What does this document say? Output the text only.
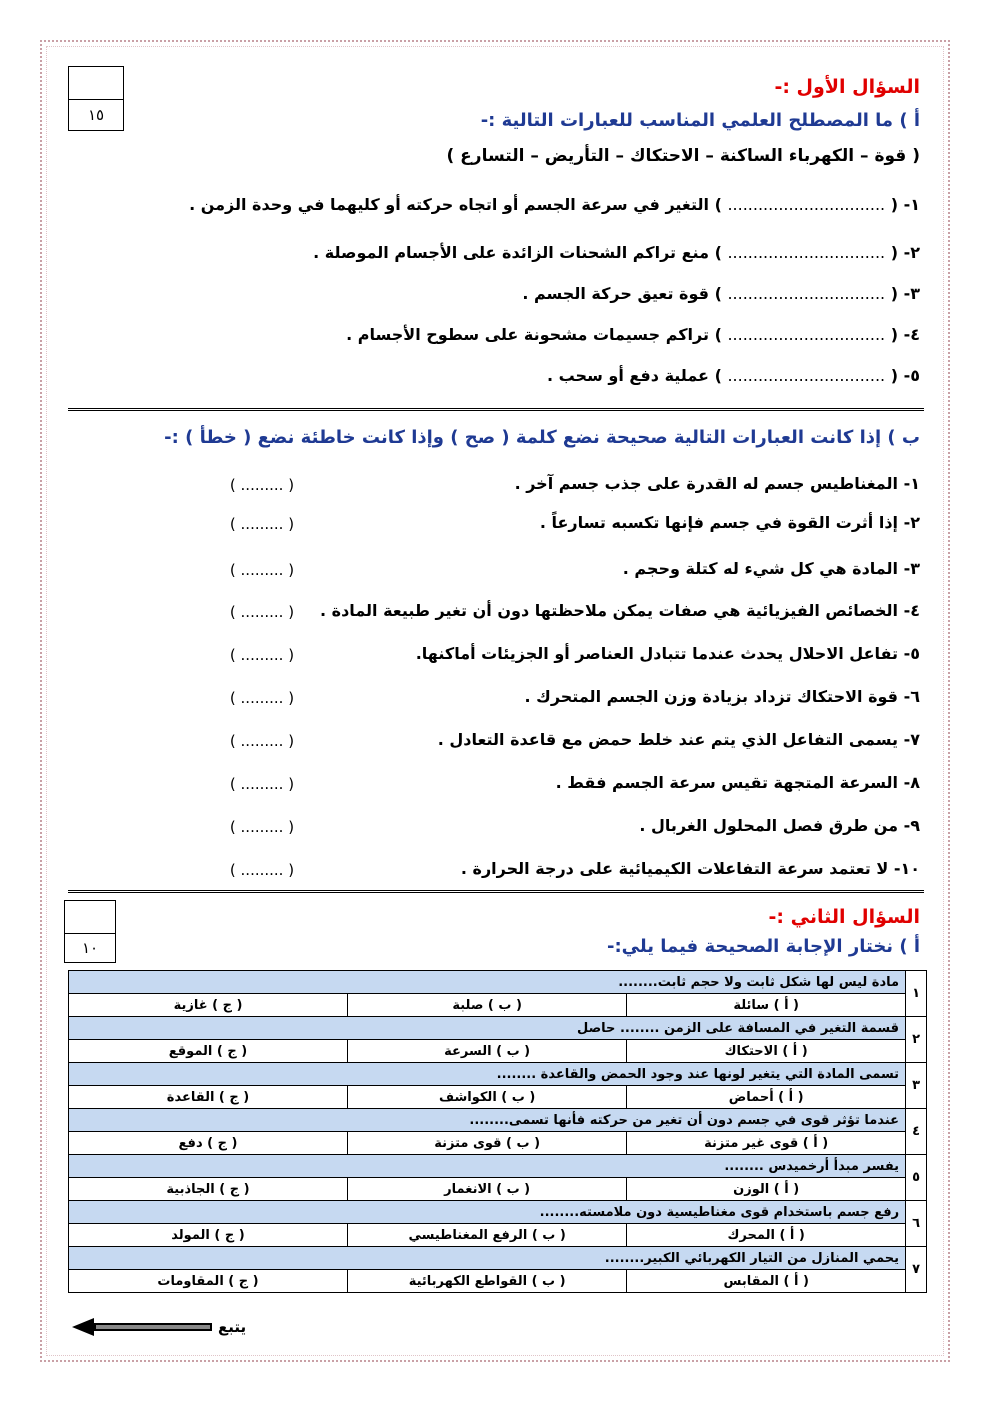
١٥
السؤال الأول :-
أ ) ما المصطلح العلمي المناسب للعبارات التالية :-
( قوة – الكهرباء الساكنة – الاحتكاك – التأريض – التسارع )
١- ( ............................... ) التغير في سرعة الجسم أو اتجاه حركته أو كليهما في وحدة الزمن .
٢- ( ............................... ) منع تراكم الشحنات الزائدة على الأجسام الموصلة .
٣- ( ............................... ) قوة تعيق حركة الجسم .
٤- ( ............................... ) تراكم جسيمات مشحونة على سطوح الأجسام .
٥- ( ............................... ) عملية دفع أو سحب .
ب ) إذا كانت العبارات التالية صحيحة نضع كلمة ( صح ) وإذا كانت خاطئة نضع ( خطأ ) :-
١- المغناطيس جسم له القدرة على جذب جسم آخر .
( ......... )
٢- إذا أثرت القوة في جسم فإنها تكسبه تسارعاً .
( ......... )
٣- المادة هي كل شيء له كتلة وحجم .
( ......... )
٤- الخصائص الفيزيائية هي صفات يمكن ملاحظتها دون أن تغير طبيعة المادة .
( ......... )
٥- تفاعل الاحلال يحدث عندما تتبادل العناصر أو الجزيئات أماكنها.
( ......... )
٦- قوة الاحتكاك تزداد بزيادة وزن الجسم المتحرك .
( ......... )
٧- يسمى التفاعل الذي يتم عند خلط حمض مع قاعدة التعادل .
( ......... )
٨- السرعة المتجهة تقيس سرعة الجسم فقط .
( ......... )
٩- من طرق فصل المحلول الغربال .
( ......... )
١٠- لا تعتمد سرعة التفاعلات الكيميائية على درجة الحرارة .
( ......... )
١٠
السؤال الثاني :-
أ ) نختار الإجابة الصحيحة فيما يلي:-
١	مادة ليس لها شكل ثابت ولا حجم ثابت........		
	( أ ) سائلة	( ب ) صلبة	( ج ) غازية
٢	قسمة التغير في المسافة على الزمن ........ حاصل		
	( أ ) الاحتكاك	( ب ) السرعة	( ج ) الموقع
٣	تسمى المادة التي يتغير لونها عند وجود الحمض والقاعدة ........		
	( أ ) أحماض	( ب ) الكواشف	( ج ) القاعدة
٤	عندما تؤثر قوى في جسم دون أن تغير من حركته فأنها تسمى........		
	( أ ) قوى غير متزنة	( ب ) قوى متزنة	( ج ) دفع
٥	يفسر مبدأ أرخميدس ........		
	( أ ) الوزن	( ب ) الانغمار	( ج ) الجاذبية
٦	رفع جسم باستخدام قوى مغناطيسية دون ملامسته........		
	( أ ) المحرك	( ب ) الرفع المغناطيسي	( ج ) المولد
٧	يحمي المنازل من التيار الكهربائي الكبير........		
	( أ ) المقابس	( ب ) القواطع الكهربائية	( ج ) المقاومات
يتبع
